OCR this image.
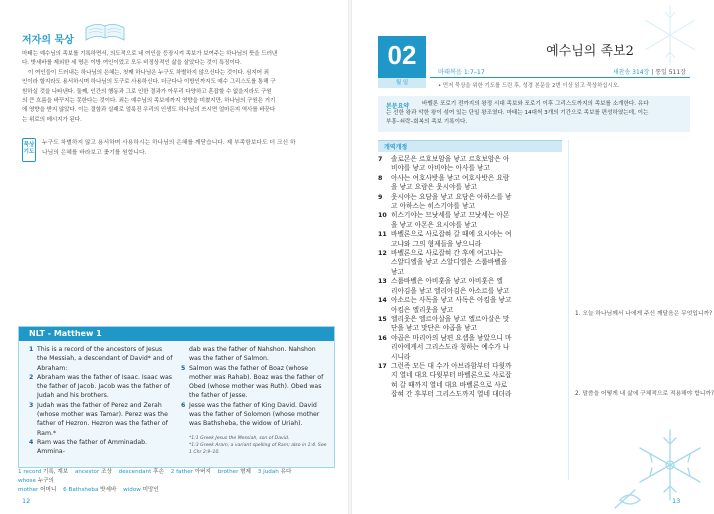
저자의 묵상
마태는 예수님의 족보를 기록하면서, 의도적으로 네 여인을 등장시켜 족보가 보여주는 하나님의 뜻을 드러낸
다. 밧세바를 제외한 세 명은 이방 여인이었고 모두 비정상적인 삶을 살았다는 것이 특징이다.
이 여인들이 드러내는 하나님의 은혜는, 첫째 하나님은 누구도 차별하지 않으신다는 것이다. 심지어 죄
인이라 할지라도 용서하시며 하나님의 도구로 사용하신다. 더군다나 이방인까지도 예수 그리스도를 통해 구
원하실 것을 나타낸다. 둘째, 인간의 행동과 그로 인한 결과가 아무리 다양하고 혼잡할 수 없을지라도 구원
의 큰 흐름을 바꾸지는 못한다는 것이다. 죄는 예수님의 족보에까지 영향을 미쳤지만, 하나님의 구원은 거기
에 영향을 받지 않았다. 이는 결함과 실패로 얼룩진 우리의 인생도 하나님의 쓰시면 얼마든지 역사를 바꾼다
는 위로의 메시지가 된다.
묵상 기도
누구도 차별하지 않고 용서하며 사용하시는 하나님의 은혜를 깨닫습니다. 제 부족함보다도 더 크신 하
나님의 은혜를 바라보고 좇기를 원합니다.
NLT - Matthew 1
1 This is a record of the ancestors of Jesus the Messiah, a descendant of David* and of Abraham:
2 Abraham was the father of Isaac. Isaac was the father of Jacob. Jacob was the father of Judah and his brothers.
3 Judah was the father of Perez and Zerah (whose mother was Tamar). Perez was the father of Hezron. Hezron was the father of Ram.*
4 Ram was the father of Amminadab. Ammina-
dab was the father of Nahshon. Nahshon was the father of Salmon.
5 Salmon was the father of Boaz (whose mother was Rahab). Boaz was the father of Obed (whose mother was Ruth). Obed was the father of Jesse.
6 Jesse was the father of King David. David was the father of Solomon (whose mother was Bathsheba, the widow of Uriah).
*1:1 Greek Jesus the Messiah, son of David.
*1:3 Greek Aram, a variant spelling of Ram; also in 1:4. See 1 Chr 2:9–10.
1 record 기록, 계보 ancestor 조상 descendant 후손 2 father 아버지 brother 형제 3 Judah 유다 whose 누구의
mother 어머니 6 Bathsheba 밧세바 widow 미망인
12
02
월 일
예수님의 족보2
마태복음 1:7–17	새찬송 314장 | 통일 511장
• 먼저 묵상을 위한 기도를 드린 후, 성경 본문을 2번 이상 읽고 묵상하십시오.
본문요약 바벨론 포로기 전까지의 왕정 시대 족보와 포로기 이후 그리스도까지의 족보를 소개한다. 유다
는 선한 왕과 악한 왕이 섞여 있는 단일 왕조였다. 마태는 14대씩 3개의 기간으로 족보를 편성하였는데, 이는
부흥–쇠락–회복의 족보 기록이다.
개역개정
7	솔로몬은 르호보암을 낳고 르호보암은 아
비야를 낳고 아비야는 아사를 낳고
8	아사는 여호사밧을 낳고 여호사밧은 요람
을 낳고 요람은 웃시야를 낳고
9	웃시야는 요담을 낳고 요담은 아하스를 낳
고 아하스는 히스기야를 낳고
10 히스기야는 므낫세를 낳고 므낫세는 아몬
을 낳고 아몬은 요시야를 낳고
11 바벨론으로 사로잡혀 갈 때에 요시야는 여
고냐와 그의 형제들을 낳으니라
12 바벨론으로 사로잡혀 간 후에 여고냐는
스알디엘을 낳고 스알디엘은 스룹바벨을
낳고
13 스룹바벨은 아비훗을 낳고 아비훗은 엘
리아김을 낳고 엘리아김은 아소르를 낳고
14 아소르는 사독을 낳고 사독은 아킴을 낳고
아킴은 엘리웃을 낳고
15 엘리웃은 엘르아살을 낳고 엘르아살은 맛
단을 낳고 맛단은 야곱을 낳고
16 야곱은 마리아의 남편 요셉을 낳았으니 마
리아에게서 그리스도라 칭하는 예수가 나
시니라
17 그런즉 모든 대 수가 아브라함부터 다윗까
지 열네 대요 다윗부터 바벨론으로 사로잡
혀 갈 때까지 열네 대요 바벨론으로 사로
잡혀 간 후부터 그리스도까지 열네 대더라
1. 오늘 하나님께서 나에게 주신 깨달음은 무엇입니까?
2. 말씀을 어떻게 내 삶에 구체적으로 적용해야 합니까?
13
